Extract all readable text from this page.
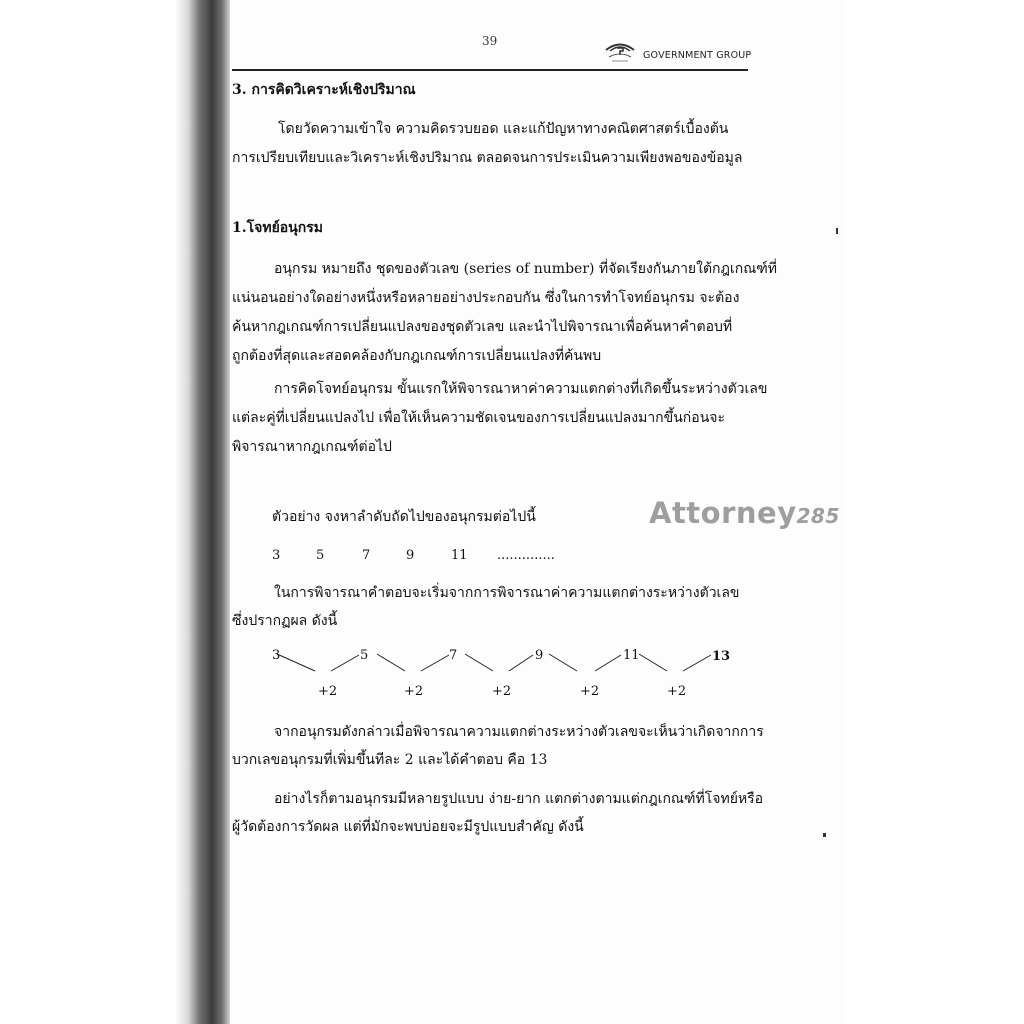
39
GOVERNMENT GROUP
3. การคิดวิเคราะห์เชิงปริมาณ
โดยวัดความเข้าใจ ความคิดรวบยอด และแก้ปัญหาทางคณิตศาสตร์เบื้องต้น
การเปรียบเทียบและวิเคราะห์เชิงปริมาณ ตลอดจนการประเมินความเพียงพอของข้อมูล
1.โจทย์อนุกรม
อนุกรม หมายถึง ชุดของตัวเลข (series of number) ที่จัดเรียงกันภายใต้กฎเกณฑ์ที่
แน่นอนอย่างใดอย่างหนึ่งหรือหลายอย่างประกอบกัน ซึ่งในการทำโจทย์อนุกรม จะต้อง
ค้นหากฎเกณฑ์การเปลี่ยนแปลงของชุดตัวเลข และนำไปพิจารณาเพื่อค้นหาคำตอบที่
ถูกต้องที่สุดและสอดคล้องกับกฎเกณฑ์การเปลี่ยนแปลงที่ค้นพบ
การคิดโจทย์อนุกรม ขั้นแรกให้พิจารณาหาค่าความแตกต่างที่เกิดขึ้นระหว่างตัวเลข
แต่ละคู่ที่เปลี่ยนแปลงไป เพื่อให้เห็นความชัดเจนของการเปลี่ยนแปลงมากขึ้นก่อนจะ
พิจารณาหากฎเกณฑ์ต่อไป
Attorney285
ตัวอย่าง จงหาลำดับถัดไปของอนุกรมต่อไปนี้
3	5	7	9	11 ..............
ในการพิจารณาคำตอบจะเริ่มจากการพิจารณาค่าความแตกต่างระหว่างตัวเลข
ซึ่งปรากฏผล ดังนี้
3	5	7	9	11	13
+2	+2	+2	+2	+2
จากอนุกรมดังกล่าวเมื่อพิจารณาความแตกต่างระหว่างตัวเลขจะเห็นว่าเกิดจากการ
บวกเลขอนุกรมที่เพิ่มขึ้นทีละ 2 และได้คำตอบ คือ 13
อย่างไรก็ตามอนุกรมมีหลายรูปแบบ ง่าย-ยาก แตกต่างตามแต่กฎเกณฑ์ที่โจทย์หรือ
ผู้วัดต้องการวัดผล แต่ที่มักจะพบบ่อยจะมีรูปแบบสำคัญ ดังนี้
